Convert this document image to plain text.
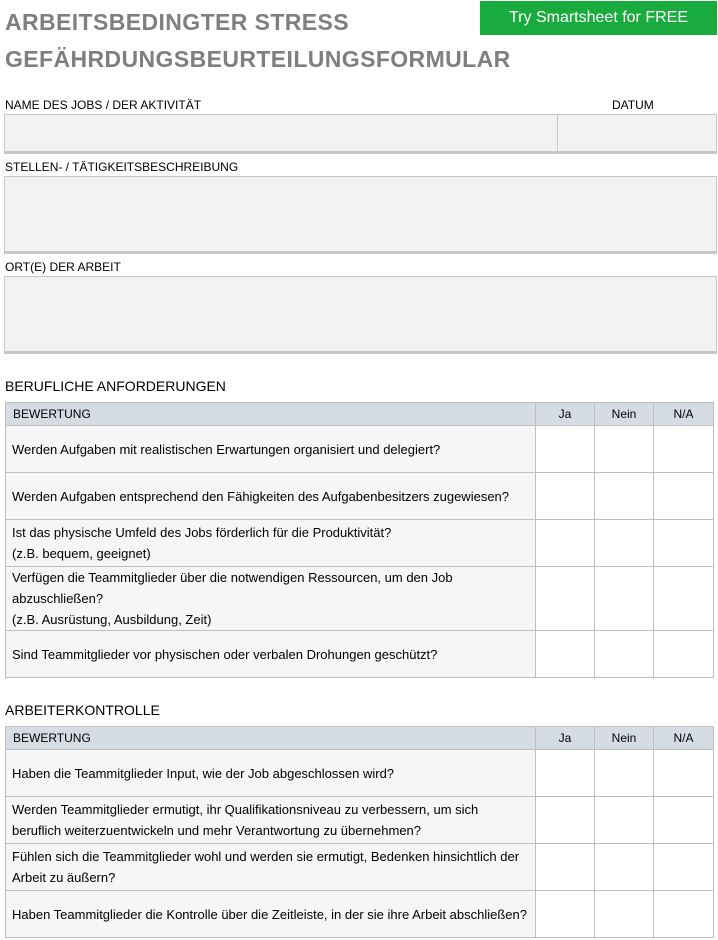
ARBEITSBEDINGTER STRESS
GEFÄHRDUNGSBEURTEILUNGSFORMULAR
Try Smartsheet for FREE
NAME DES JOBS / DER AKTIVITÄT	DATUM
STELLEN- / TÄTIGKEITSBESCHREIBUNG
ORT(E) DER ARBEIT
BERUFLICHE ANFORDERUNGEN
BEWERTUNG	Ja	Nein	N/A

Werden Aufgaben mit realistischen Erwartungen organisiert und delegiert?			

Werden Aufgaben entsprechend den Fähigkeiten des Aufgabenbesitzers zugewiesen?			

Ist das physische Umfeld des Jobs förderlich für die Produktivität?
(z.B. bequem, geeignet)			

Verfügen die Teammitglieder über die notwendigen Ressourcen, um den Job abzuschließen?
(z.B. Ausrüstung, Ausbildung, Zeit)			

Sind Teammitglieder vor physischen oder verbalen Drohungen geschützt?			

ARBEITERKONTROLLE
BEWERTUNG	Ja	Nein	N/A

Haben die Teammitglieder Input, wie der Job abgeschlossen wird?			

Werden Teammitglieder ermutigt, ihr Qualifikationsniveau zu verbessern, um sich beruflich weiterzuentwickeln und mehr Verantwortung zu übernehmen?			

Fühlen sich die Teammitglieder wohl und werden sie ermutigt, Bedenken hinsichtlich der Arbeit zu äußern?			

Haben Teammitglieder die Kontrolle über die Zeitleiste, in der sie ihre Arbeit abschließen?			
